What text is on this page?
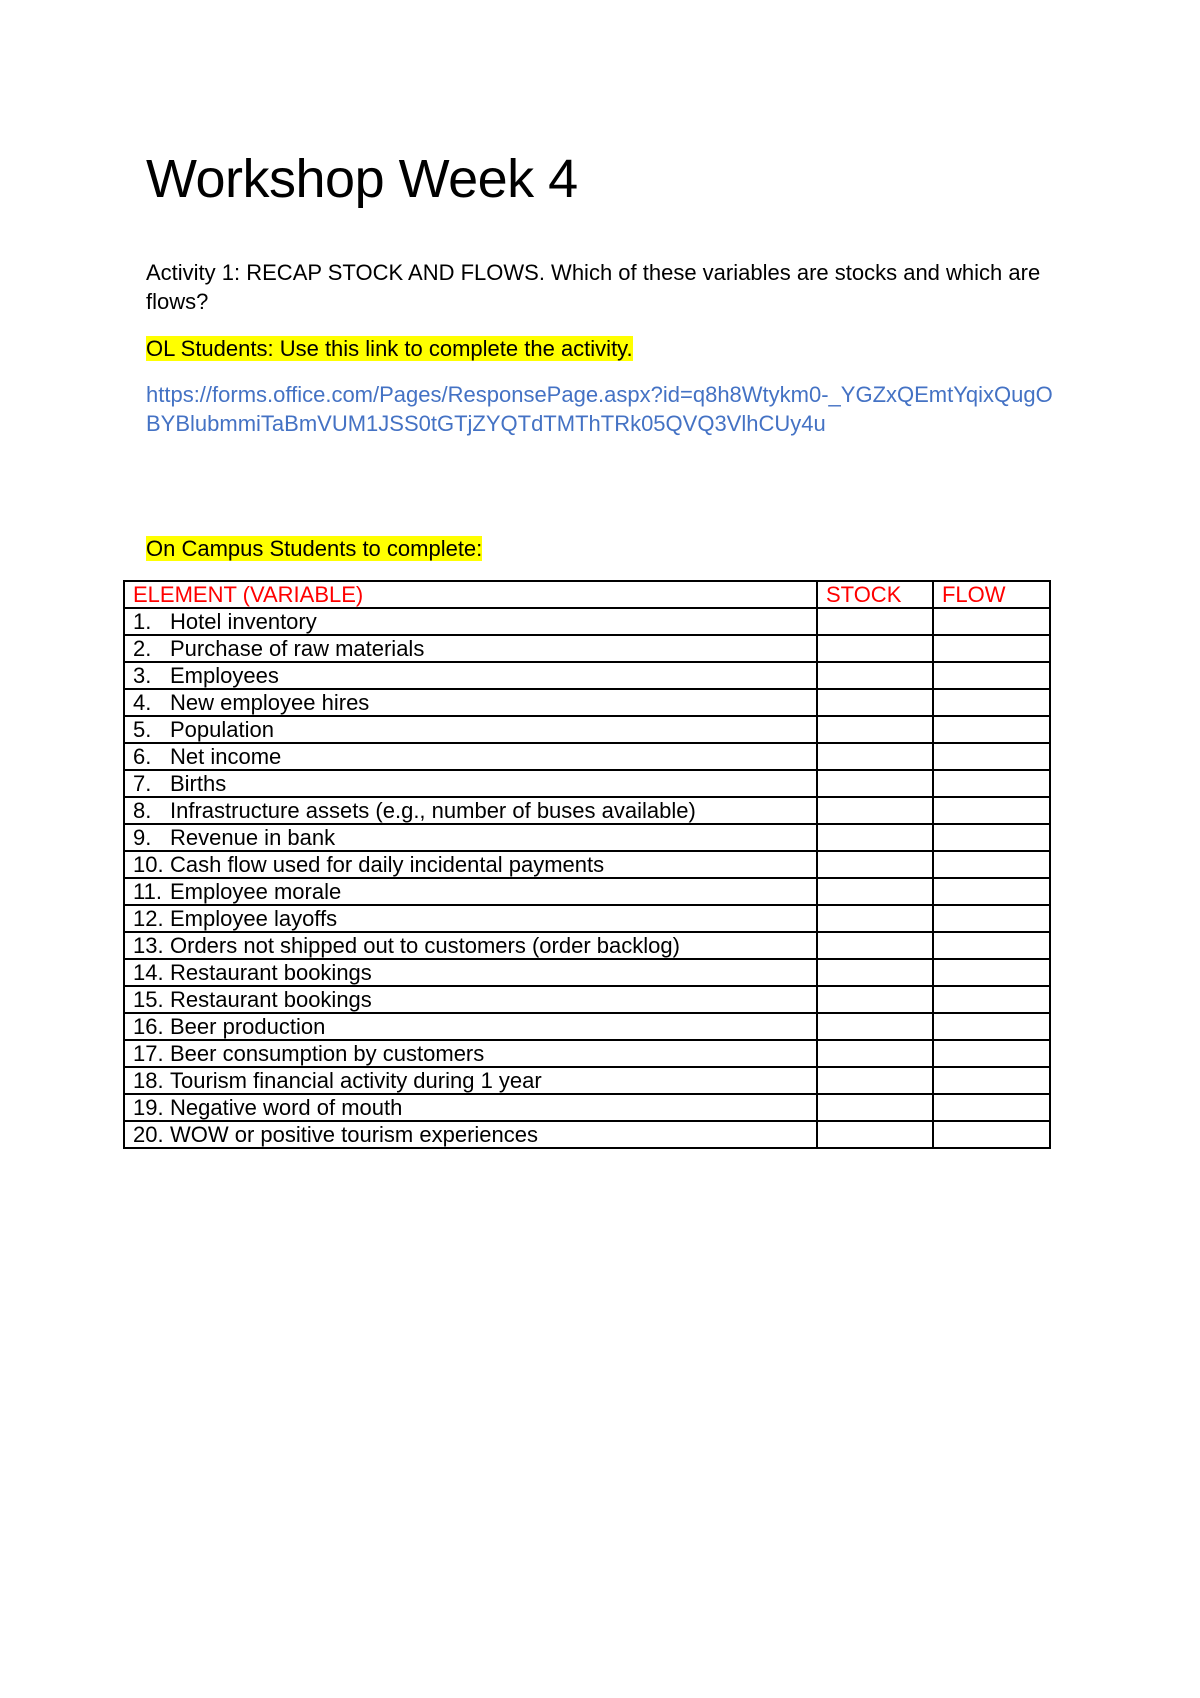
Workshop Week 4

Activity 1: RECAP STOCK AND FLOWS. Which of these variables are stocks and which are flows?

OL Students: Use this link to complete the activity.

https://forms.office.com/Pages/ResponsePage.aspx?id=q8h8Wtykm0-_YGZxQEmtYqixQugOBYBlubmmiTaBmVUM1JSS0tGTjZYQTdTMThTRk05QVQ3VlhCUy4u

On Campus Students to complete:

ELEMENT (VARIABLE)	STOCK	FLOW
1. Hotel inventory		
2. Purchase of raw materials		
3. Employees		
4. New employee hires		
5. Population		
6. Net income		
7. Births		
8. Infrastructure assets (e.g., number of buses available)		
9. Revenue in bank		
10. Cash flow used for daily incidental payments		
11. Employee morale		
12. Employee layoffs		
13. Orders not shipped out to customers (order backlog)		
14. Restaurant bookings		
15. Restaurant bookings		
16. Beer production		
17. Beer consumption by customers		
18. Tourism financial activity during 1 year		
19. Negative word of mouth		
20. WOW or positive tourism experiences		
